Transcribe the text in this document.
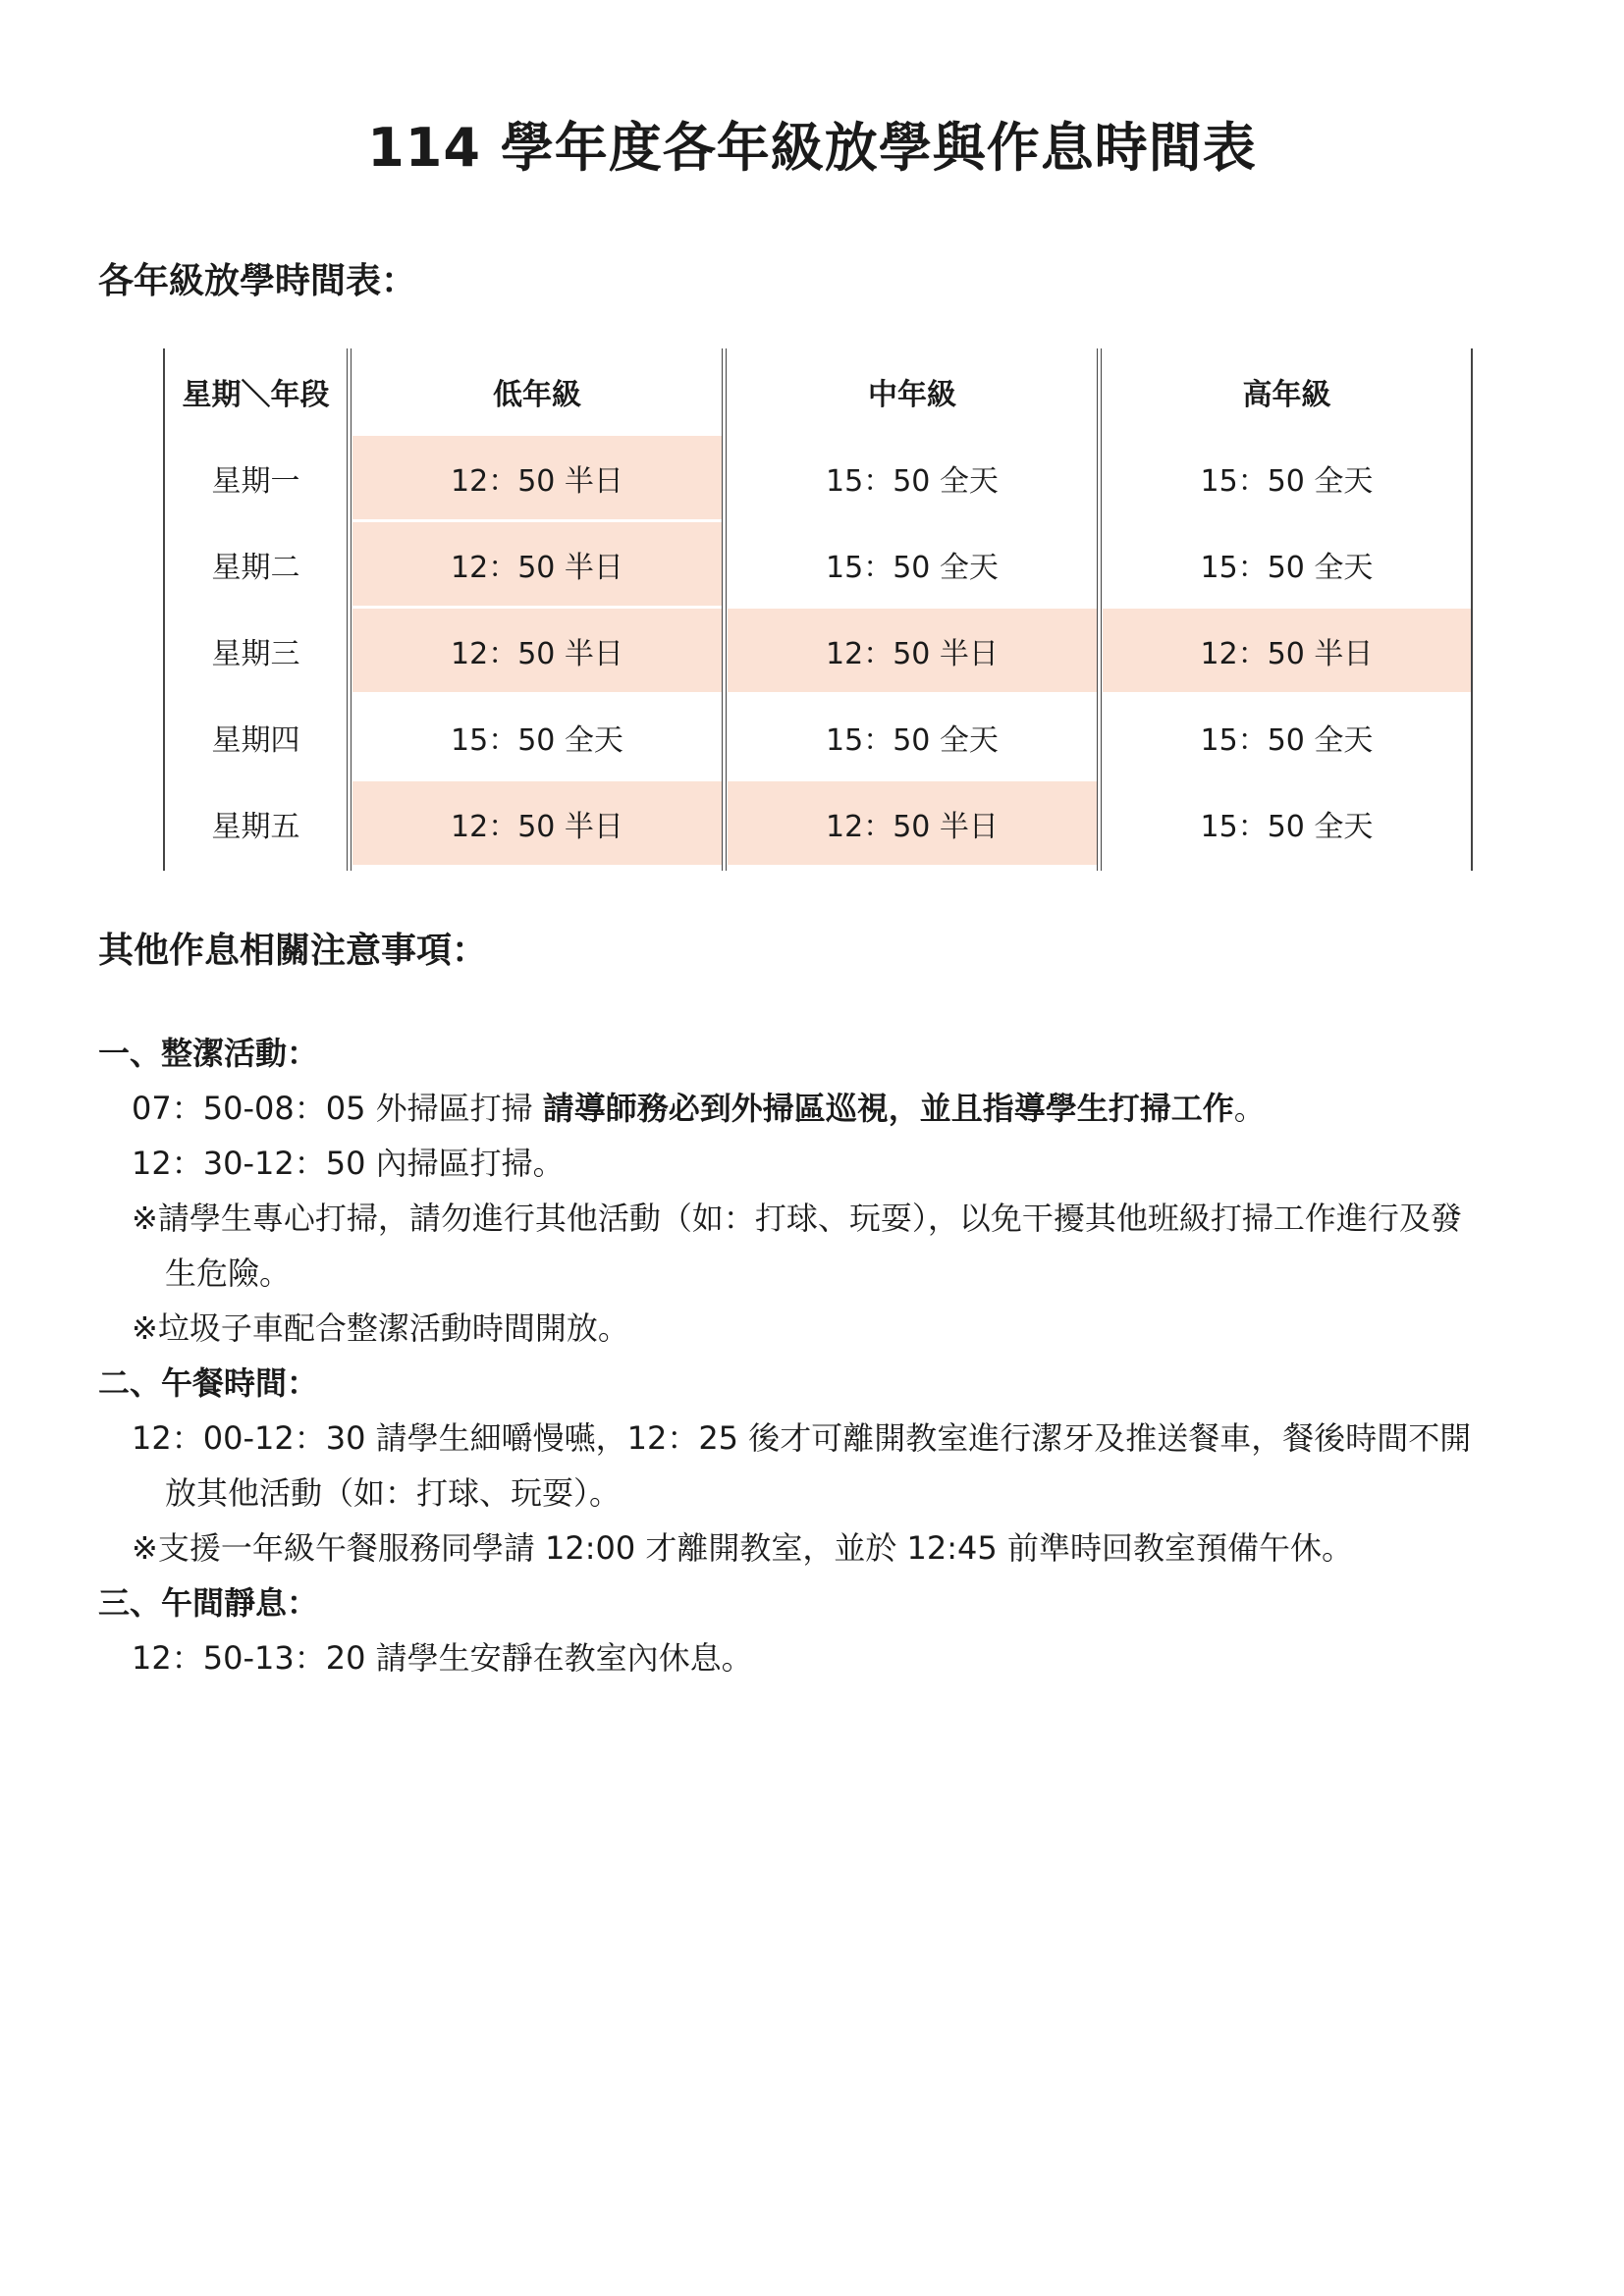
114 學年度各年級放學與作息時間表
各年級放學時間表：
星期＼年段	低年級	中年級	高年級
星期一	12：50 半日	15：50 全天	15：50 全天
星期二	12：50 半日	15：50 全天	15：50 全天
星期三	12：50 半日	12：50 半日	12：50 半日
星期四	15：50 全天	15：50 全天	15：50 全天
星期五	12：50 半日	12：50 半日	15：50 全天
其他作息相關注意事項：
一、整潔活動：
07：50-08：05 外掃區打掃 請導師務必到外掃區巡視，並且指導學生打掃工作。
12：30-12：50 內掃區打掃。
※請學生專心打掃，請勿進行其他活動（如：打球、玩耍），以免干擾其他班級打掃工作進行及發
生危險。
※垃圾子車配合整潔活動時間開放。
二、午餐時間：
12：00-12：30 請學生細嚼慢嚥，12：25 後才可離開教室進行潔牙及推送餐車，餐後時間不開
放其他活動（如：打球、玩耍）。
※支援一年級午餐服務同學請 12:00 才離開教室，並於 12:45 前準時回教室預備午休。
三、午間靜息：
12：50-13：20 請學生安靜在教室內休息。
